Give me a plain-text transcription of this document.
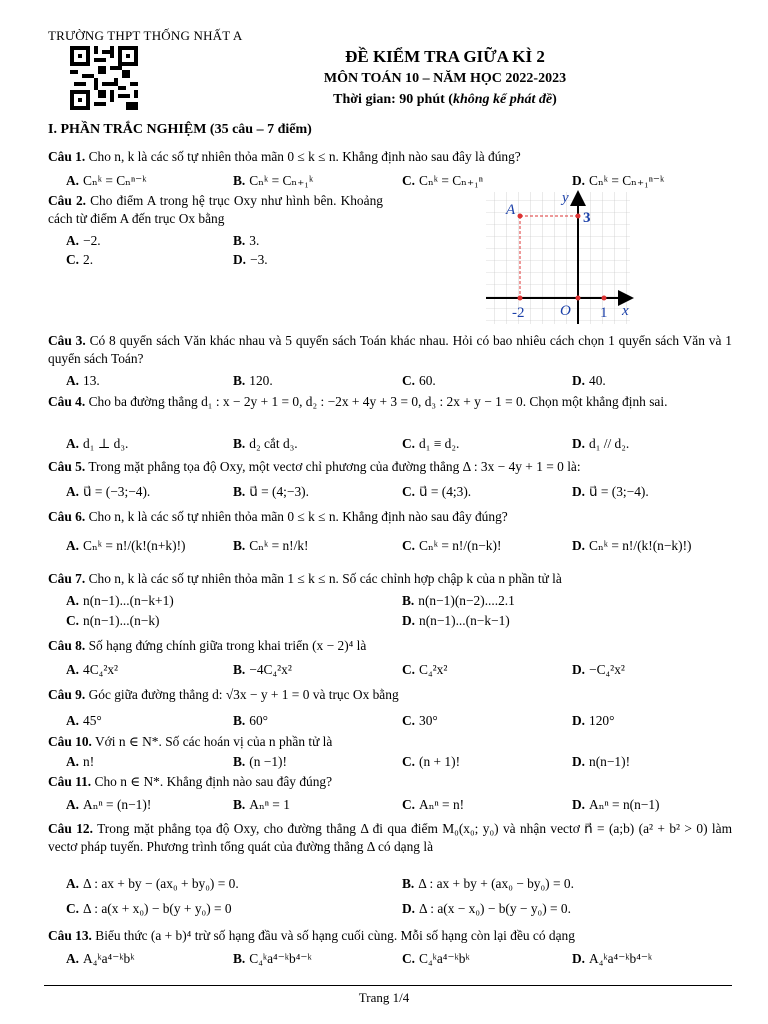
TRƯỜNG THPT THỐNG NHẤT A
ĐỀ KIỂM TRA GIỮA KÌ 2
MÔN TOÁN 10 – NĂM HỌC 2022-2023
Thời gian: 90 phút (không kể phát đề)
I. PHẦN TRẮC NGHIỆM (35 câu – 7 điểm)
Câu 1. Cho n, k là các số tự nhiên thỏa mãn 0 ≤ k ≤ n. Khẳng định nào sau đây là đúng?
A. Cₙᵏ = Cₙⁿ⁻ᵏ	B. Cₙᵏ = Cₙ₊₁ᵏ	C. Cₙᵏ = Cₙ₊₁ⁿ	D. Cₙᵏ = Cₙ₊₁ⁿ⁻ᵏ
Câu 2. Cho điểm A trong hệ trục Oxy như hình bên. Khoảng cách từ điểm A đến trục Ox bằng
A. −2.	B. 3.
C. 2.	D. −3.
Câu 3. Có 8 quyển sách Văn khác nhau và 5 quyển sách Toán khác nhau. Hỏi có bao nhiêu cách chọn 1 quyển sách Văn và 1 quyển sách Toán?
A. 13.	B. 120.	C. 60.	D. 40.
Câu 4. Cho ba đường thẳng d₁ : x − 2y + 1 = 0, d₂ : −2x + 4y + 3 = 0, d₃ : 2x + y − 1 = 0. Chọn một khẳng định sai.
A. d₁ ⊥ d₃.	B. d₂ cắt d₃.	C. d₁ ≡ d₂.	D. d₁ // d₂.
Câu 5. Trong mặt phẳng tọa độ Oxy, một vectơ chỉ phương của đường thẳng Δ : 3x − 4y + 1 = 0 là:
A. u⃗ = (−3;−4).	B. u⃗ = (4;−3).	C. u⃗ = (4;3).	D. u⃗ = (3;−4).
Câu 6. Cho n, k là các số tự nhiên thỏa mãn 0 ≤ k ≤ n. Khẳng định nào sau đây đúng?
A. Cₙᵏ = n!/(k!(n+k)!)	B. Cₙᵏ = n!/k!	C. Cₙᵏ = n!/(n−k)!	D. Cₙᵏ = n!/(k!(n−k)!)
Câu 7. Cho n, k là các số tự nhiên thỏa mãn 1 ≤ k ≤ n. Số các chỉnh hợp chập k của n phần tử là
A. n(n−1)...(n−k+1)	B. n(n−1)(n−2)....2.1
C. n(n−1)...(n−k)	D. n(n−1)...(n−k−1)
Câu 8. Số hạng đứng chính giữa trong khai triển (x − 2)⁴ là
A. 4C₄²x²	B. −4C₄²x²	C. C₄²x²	D. −C₄²x²
Câu 9. Góc giữa đường thẳng d: √3x − y + 1 = 0 và trục Ox bằng
A. 45°	B. 60°	C. 30°	D. 120°
Câu 10. Với n ∈ N*. Số các hoán vị của n phần tử là
A. n!	B. (n −1)!	C. (n + 1)!	D. n(n−1)!
Câu 11. Cho n ∈ N*. Khẳng định nào sau đây đúng?
A. Aₙⁿ = (n−1)!	B. Aₙⁿ = 1	C. Aₙⁿ = n!	D. Aₙⁿ = n(n−1)
Câu 12. Trong mặt phẳng tọa độ Oxy, cho đường thẳng Δ đi qua điểm M₀(x₀; y₀) và nhận vectơ n⃗ = (a;b) (a² + b² > 0) làm vectơ pháp tuyến. Phương trình tổng quát của đường thẳng Δ có dạng là
A. Δ : ax + by − (ax₀ + by₀) = 0.	B. Δ : ax + by + (ax₀ − by₀) = 0.
C. Δ : a(x + x₀) − b(y + y₀) = 0	D. Δ : a(x − x₀) − b(y − y₀) = 0.
Câu 13. Biểu thức (a + b)⁴ trừ số hạng đầu và số hạng cuối cùng. Mỗi số hạng còn lại đều có dạng
A. A₄ᵏa⁴⁻ᵏbᵏ	B. C₄ᵏa⁴⁻ᵏb⁴⁻ᵏ	C. C₄ᵏa⁴⁻ᵏbᵏ	D. A₄ᵏa⁴⁻ᵏb⁴⁻ᵏ
A
y
3
-2 O 1 x
Trang 1/4
